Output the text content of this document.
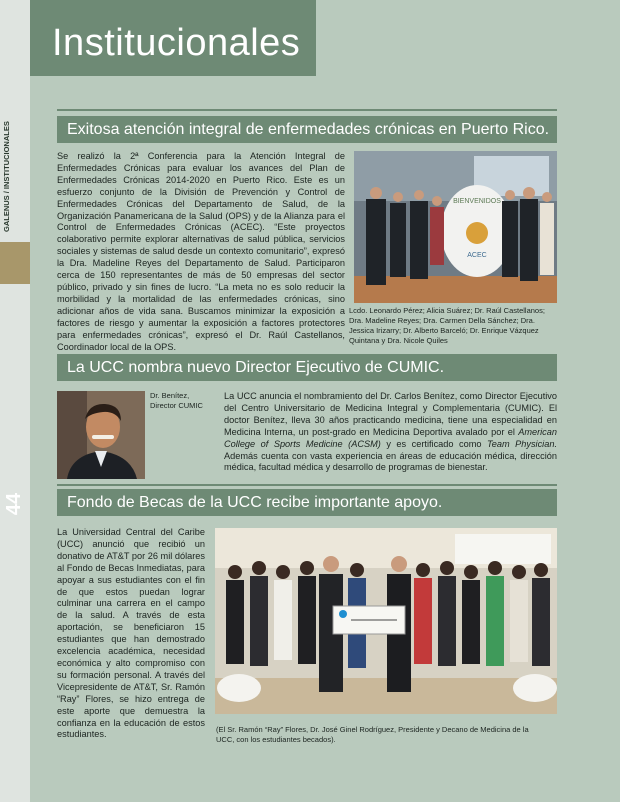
44
Institucionales
Exitosa atención integral de enfermedades crónicas en Puerto Rico.
Se realizó la 2ª Conferencia para la Atención Integral de Enfermedades Crónicas para evaluar los avances del Plan de Enfermedades Crónicas 2014-2020 en Puerto Rico. Este es un esfuerzo conjunto de la División de Prevención y Control de Enfermedades Crónicas del Departamento de Salud, de la Organización Panamericana de la Salud (OPS) y de la Alianza para el Control de Enfermedades Crónicas (ACEC). “Este proyectos colaborativo permite explorar alternativas de salud pública, servicios sociales y sistemas de salud desde un contexto comunitario”, expresó la Dra. Madeline Reyes del Departamento de Salud. Participaron cerca de 150 representantes de más de 50 empresas del sector público, privado y sin fines de lucro. “La meta no es solo reducir la morbilidad y la mortalidad de las enfermedades crónicas, sino adicionar años de vida sana. Buscamos minimizar la exposición a factores de riesgo y aumentar la exposición a factores protectores para enfermedades crónicas”, expresó el Dr. Raúl Castellanos, Coordinador local de la OPS.
BIENVENIDOS
ACEC
Lcdo. Leonardo Pérez; Alicia Suárez; Dr. Raúl Castellanos; Dra. Madeline Reyes; Dra. Carmen Della Sánchez; Dra. Jessica Irizarry; Dr. Alberto Barceló; Dr. Enrique Vázquez Quintana y Dra. Nicole Quiles
La UCC nombra nuevo Director Ejecutivo de CUMIC.
Dr. Benítez,
Director CUMIC
La UCC anuncia el nombramiento del Dr. Carlos Benítez, como Director Ejecutivo del Centro Universitario de Medicina Integral y Complementaria (CUMIC). El doctor Benítez, lleva 30 años practicando medicina, tiene una especialidad en Medicina Interna, un post-grado en Medicina Deportiva avalado por el American College of Sports Medicine (ACSM) y es certificado como Team Physician. Además cuenta con vasta experiencia en áreas de educación médica, dirección médica, facultad médica y desarrollo de programas de bienestar.
Fondo de Becas de la UCC recibe importante apoyo.
La Universidad Central del Caribe (UCC) anunció que recibió un donativo de AT&T por 26 mil dólares al Fondo de Becas Inmediatas, para apoyar a sus estudiantes con el fin de que estos puedan lograr culminar una carrera en el campo de la salud. A través de esta aportación, se beneficiaron 15 estudiantes que han demostrado excelencia académica, necesidad económica y alto compromiso con su formación personal. A través del Vicepresidente de AT&T, Sr. Ramón “Ray” Flores, se hizo entrega de este aporte que demuestra la confianza en la educación de estos estudiantes.	(El Sr. Ramón “Ray” Flores, Dr. José Ginel Rodríguez, Presidente y Decano de Medicina de la UCC, con los estudiantes becados).
